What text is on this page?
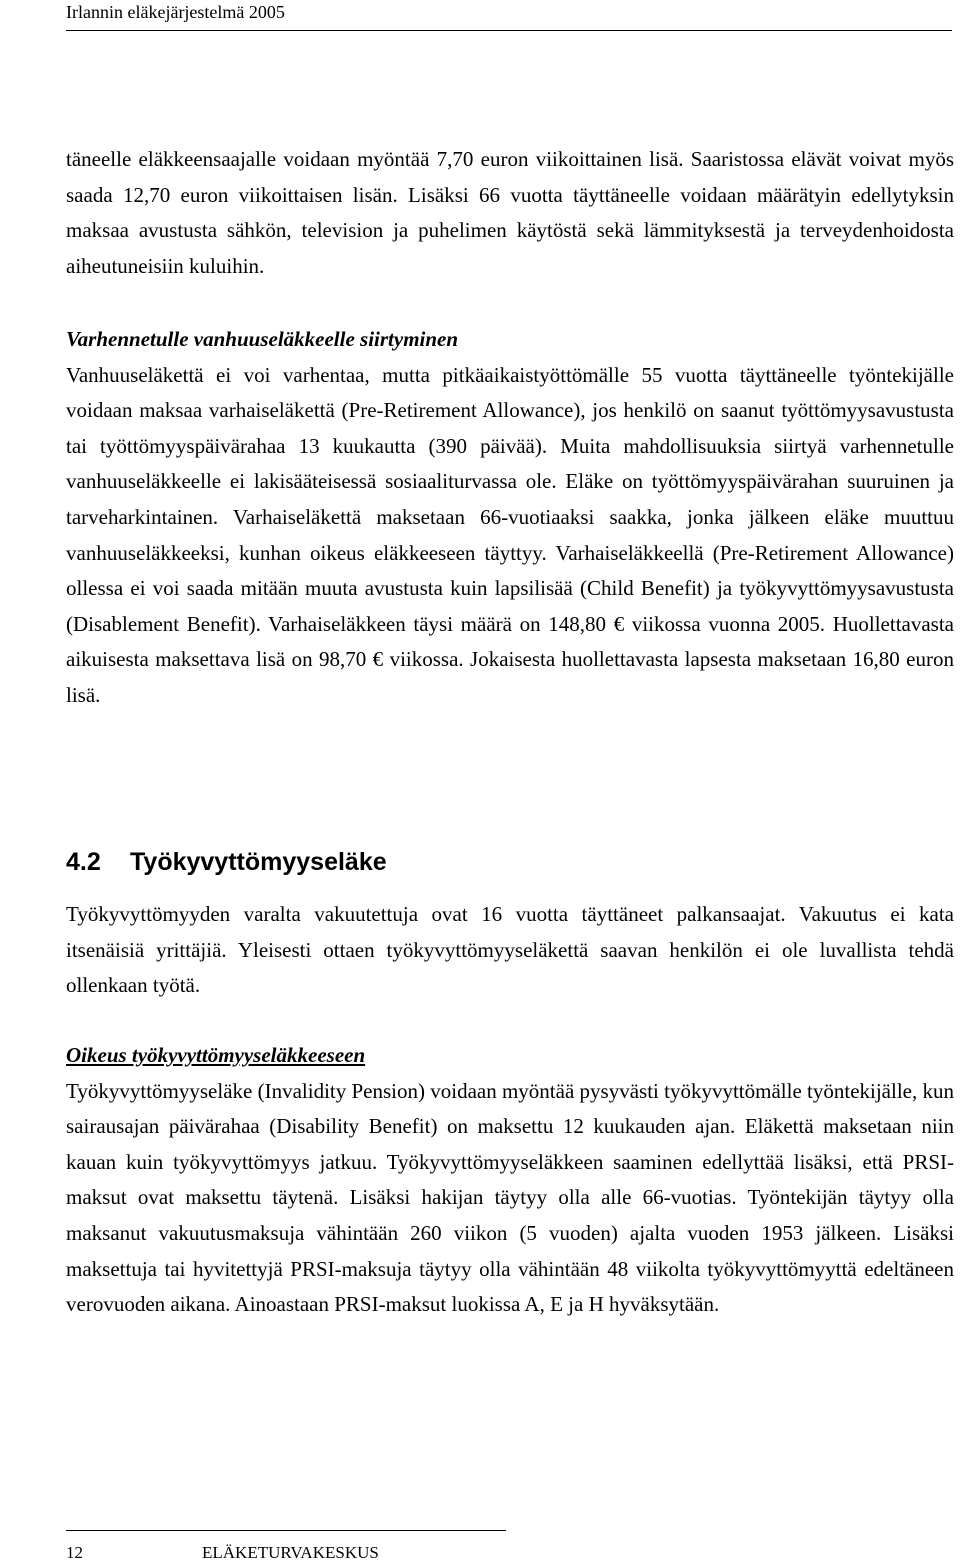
Irlannin eläkejärjestelmä 2005

täneelle eläkkeensaajalle voidaan myöntää 7,70 euron viikoittainen lisä. Saaristossa elävät voivat myös saada 12,70 euron viikoittaisen lisän. Lisäksi 66 vuotta täyttäneelle voidaan määrätyin edellytyksin maksaa avustusta sähkön, television ja puhelimen käytöstä sekä lämmityksestä ja terveydenhoidosta aiheutuneisiin kuluihin.

Varhennetulle vanhuuseläkkeelle siirtyminen

Vanhuuseläkettä ei voi varhentaa, mutta pitkäaikaistyöttömälle 55 vuotta täyttäneelle työntekijälle voidaan maksaa varhaiseläkettä (Pre-Retirement Allowance), jos henkilö on saanut työttömyysavustusta tai työttömyyspäivärahaa 13 kuukautta (390 päivää). Muita mahdollisuuksia siirtyä varhennetulle vanhuuseläkkeelle ei lakisääteisessä sosiaaliturvassa ole. Eläke on työttömyyspäivärahan suuruinen ja tarveharkintainen. Varhaiseläkettä maksetaan 66-vuotiaaksi saakka, jonka jälkeen eläke muuttuu vanhuuseläkkeeksi, kunhan oikeus eläkkeeseen täyttyy. Varhaiseläkkeellä (Pre-Retirement Allowance) ollessa ei voi saada mitään muuta avustusta kuin lapsilisää (Child Benefit) ja työkyvyttömyysavustusta (Disablement Benefit). Varhaiseläkkeen täysi määrä on 148,80 € viikossa vuonna 2005. Huollettavasta aikuisesta maksettava lisä on 98,70 € viikossa. Jokaisesta huollettavasta lapsesta maksetaan 16,80 euron lisä.

4.2 Työkyvyttömyyseläke

Työkyvyttömyyden varalta vakuutettuja ovat 16 vuotta täyttäneet palkansaajat. Vakuutus ei kata itsenäisiä yrittäjiä. Yleisesti ottaen työkyvyttömyyseläkettä saavan henkilön ei ole luvallista tehdä ollenkaan työtä.

Oikeus työkyvyttömyyseläkkeeseen

Työkyvyttömyyseläke (Invalidity Pension) voidaan myöntää pysyvästi työkyvyttömälle työntekijälle, kun sairausajan päivärahaa (Disability Benefit) on maksettu 12 kuukauden ajan. Eläkettä maksetaan niin kauan kuin työkyvyttömyys jatkuu. Työkyvyttömyyseläkkeen saaminen edellyttää lisäksi, että PRSI-maksut ovat maksettu täytenä. Lisäksi hakijan täytyy olla alle 66-vuotias. Työntekijän täytyy olla maksanut vakuutusmaksuja vähintään 260 viikon (5 vuoden) ajalta vuoden 1953 jälkeen. Lisäksi maksettuja tai hyvitettyjä PRSI-maksuja täytyy olla vähintään 48 viikolta työkyvyttömyyttä edeltäneen verovuoden aikana. Ainoastaan PRSI-maksut luokissa A, E ja H hyväksytään.

12	ELÄKETURVAKESKUS
